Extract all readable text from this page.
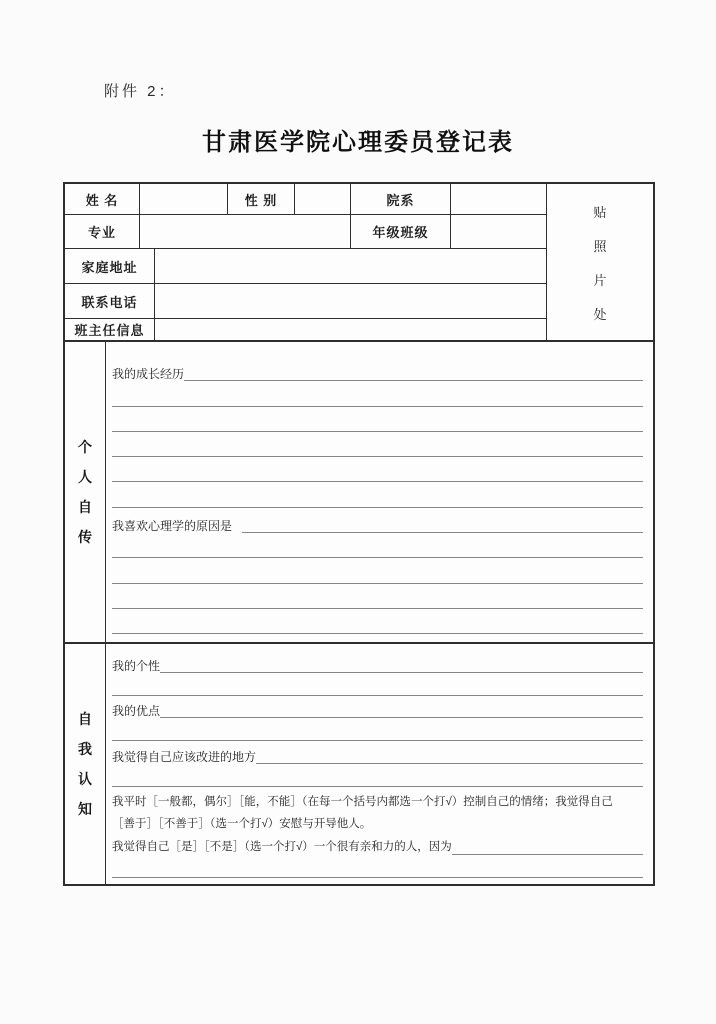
附件 2：
甘肃医学院心理委员登记表
姓 名	性 别	院系
专业	年级班级
家庭地址
联系电话
班主任信息
贴
照
片
处
个
人
自
传
我的成长经历
我喜欢心理学的原因是
自
我
认
知
我的个性
我的优点
我觉得自己应该改进的地方
我平时［一般都，偶尔］［能，不能］（在每一个括号内都选一个打√）控制自己的情绪；我觉得自己
［善于］［不善于］（选一个打√）安慰与开导他人。
我觉得自己［是］［不是］（选一个打√）一个很有亲和力的人，因为
